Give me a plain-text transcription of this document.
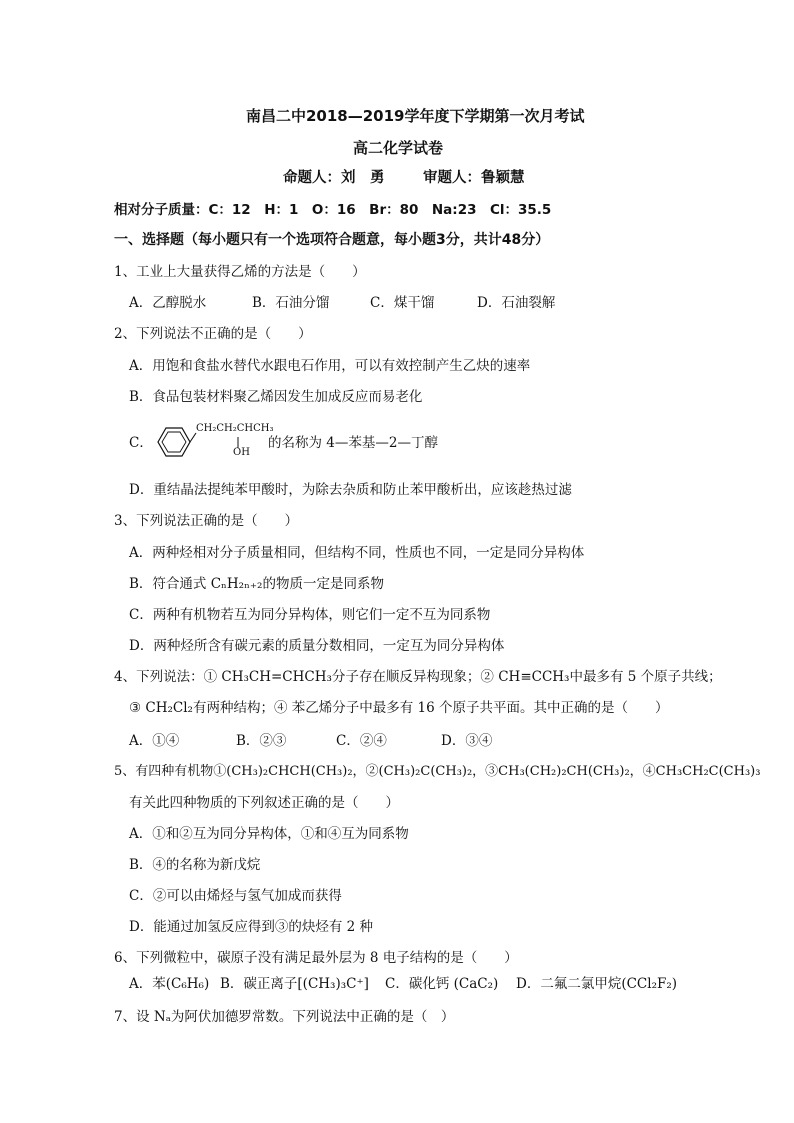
南昌二中2018—2019学年度下学期第一次月考试
高二化学试卷
命题人：刘　勇	审题人：鲁颖慧
相对分子质量：C：12　H：1　O：16　Br：80　Na:23　Cl：35.5
一、选择题（每小题只有一个选项符合题意，每小题3分，共计48分）
1、工业上大量获得乙烯的方法是（　　）
A．乙醇脱水	B．石油分馏	C．煤干馏	D．石油裂解
2、下列说法不正确的是（　　）
A．用饱和食盐水替代水跟电石作用，可以有效控制产生乙炔的速率
B．食品包装材料聚乙烯因发生加成反应而易老化
C．
CH₂CH₂CHCH₃
OH
的名称为 4—苯基—2—丁醇
D．重结晶法提纯苯甲酸时，为除去杂质和防止苯甲酸析出，应该趁热过滤
3、下列说法正确的是（　　）
A．两种烃相对分子质量相同，但结构不同，性质也不同，一定是同分异构体
B．符合通式 CₙH₂ₙ₊₂的物质一定是同系物
C．两种有机物若互为同分异构体，则它们一定不互为同系物
D．两种烃所含有碳元素的质量分数相同，一定互为同分异构体
4、下列说法：① CH₃CH=CHCH₃分子存在顺反异构现象；② CH≡CCH₃中最多有 5 个原子共线；
③ CH₂Cl₂有两种结构；④ 苯乙烯分子中最多有 16 个原子共平面。其中正确的是（　　）
A．①④	B．②③	C．②④	D．③④
5、有四种有机物①(CH₃)₂CHCH(CH₃)₂，②(CH₃)₂C(CH₃)₂，③CH₃(CH₂)₂CH(CH₃)₂，④CH₃CH₂C(CH₃)₃
有关此四种物质的下列叙述正确的是（　　）
A．①和②互为同分异构体，①和④互为同系物
B．④的名称为新戊烷
C．②可以由烯烃与氢气加成而获得
D．能通过加氢反应得到③的炔烃有 2 种
6、下列微粒中，碳原子没有满足最外层为 8 电子结构的是（　　）
A．苯(C₆H₆) B．碳正离子[(CH₃)₃C⁺] C．碳化钙 (CaC₂) D．二氟二氯甲烷(CCl₂F₂)
7、设 Nₐ为阿伏加德罗常数。下列说法中正确的是（　）
